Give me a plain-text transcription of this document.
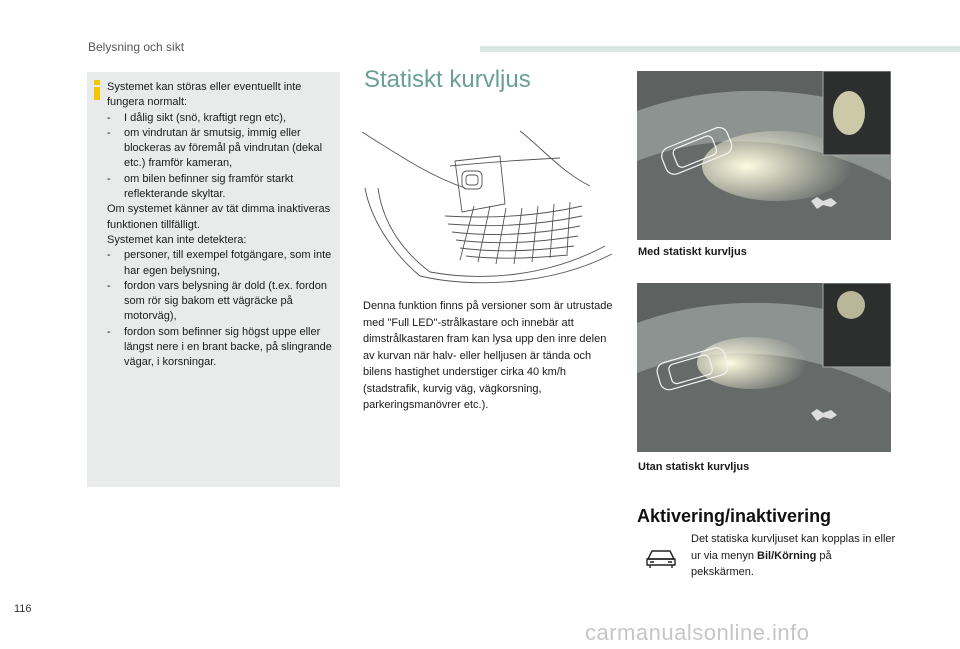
Belysning och sikt

Systemet kan störas eller eventuellt inte fungera normalt:

- I dålig sikt (snö, kraftigt regn etc),
- om vindrutan är smutsig, immig eller blockeras av föremål på vindrutan (dekal etc.) framför kameran,
- om bilen befinner sig framför starkt reflekterande skyltar.

Om systemet känner av tät dimma inaktiveras funktionen tillfälligt.

Systemet kan inte detektera:

- personer, till exempel fotgängare, som inte har egen belysning,
- fordon vars belysning är dold (t.ex. fordon som rör sig bakom ett vägräcke på motorväg),
- fordon som befinner sig högst uppe eller längst nere i en brant backe, på slingrande vägar, i korsningar.
Statiskt kurvljus

Denna funktion finns på versioner som är utrustade med "Full LED"-strålkastare och innebär att dimstrålkastaren fram kan lysa upp den inre delen av kurvan när halv- eller helljusen är tända och bilens hastighet understiger cirka 40 km/h (stadstrafik, kurvig väg, vägkorsning, parkeringsmanövrer etc.).

Med statiskt kurvljus

Utan statiskt kurvljus

Aktivering/inaktivering

Det statiska kurvljuset kan kopplas in eller ur via menyn Bil/Körning på pekskärmen.

116
carmanualsonline.info
